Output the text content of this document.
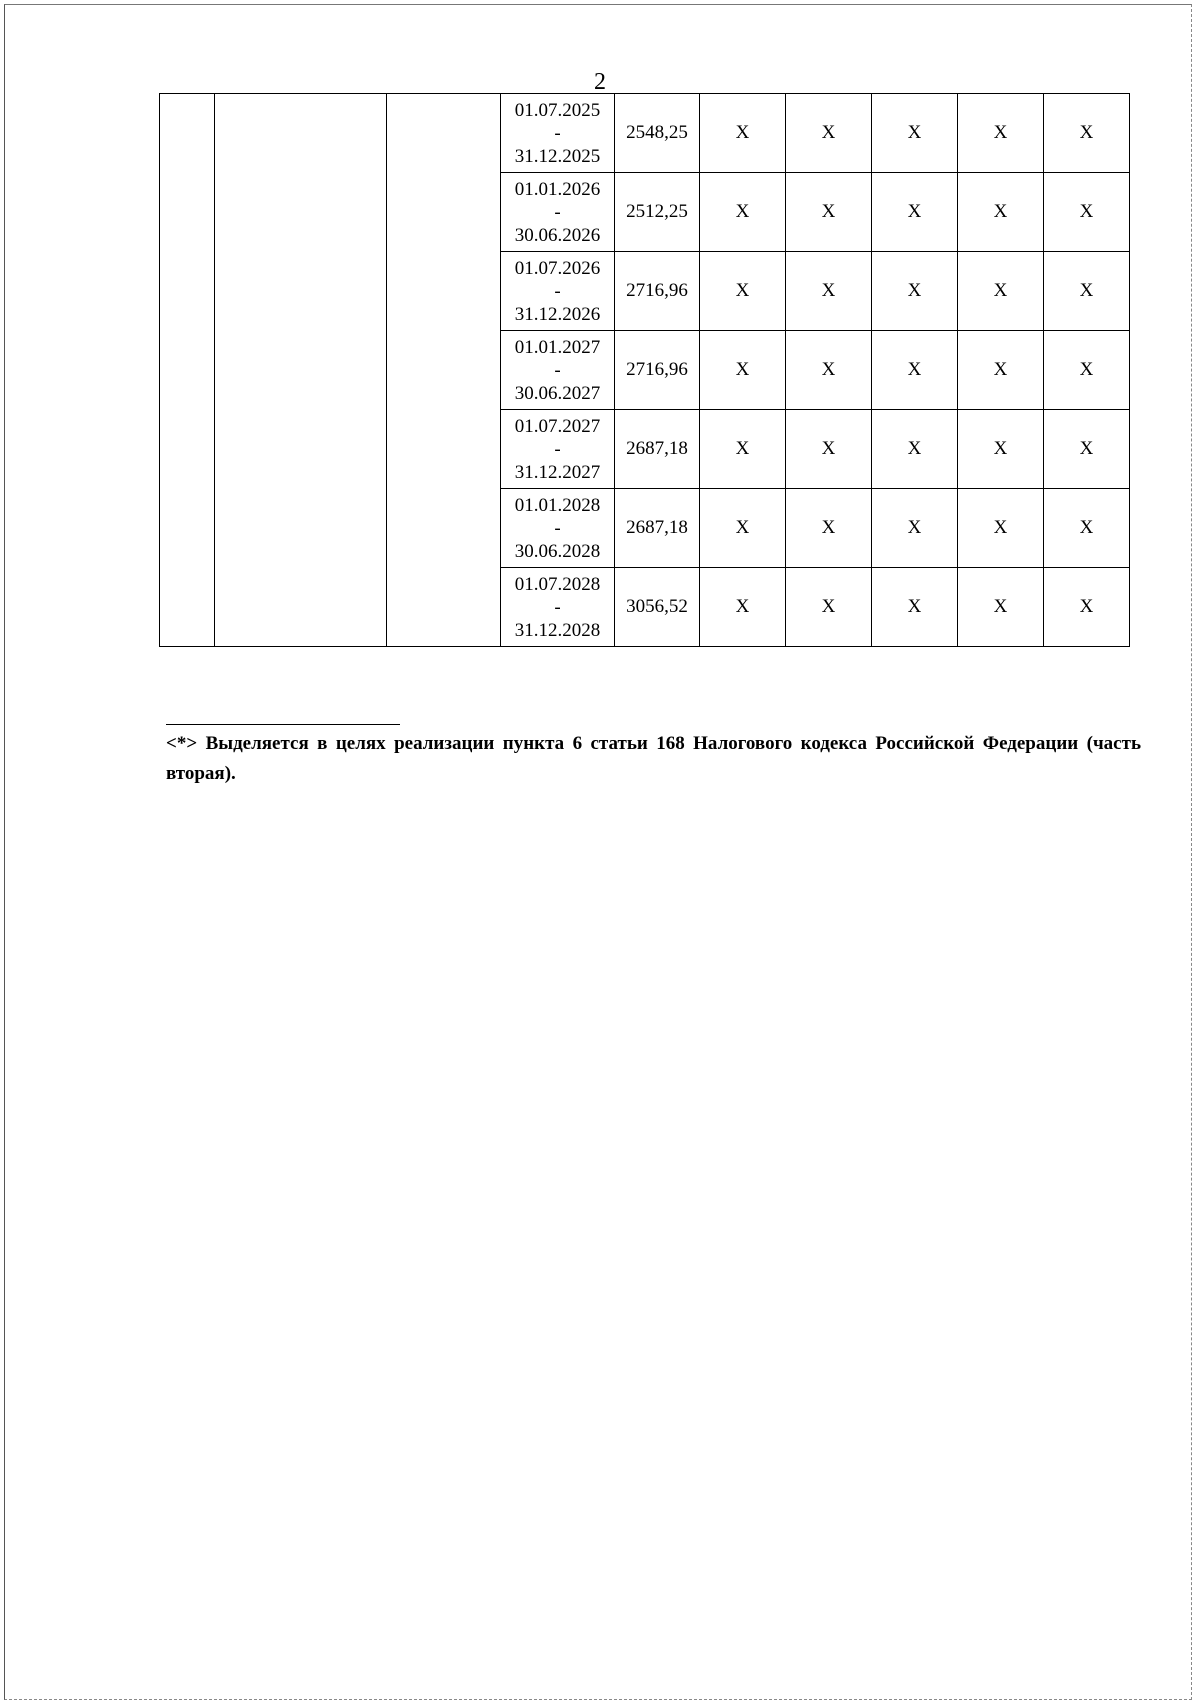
2

			01.07.2025
-
31.12.2025	2548,25	Х	Х	Х	Х	Х

			01.01.2026
-
30.06.2026	2512,25	Х	Х	Х	Х	Х

			01.07.2026
-
31.12.2026	2716,96	Х	Х	Х	Х	Х

			01.01.2027
-
30.06.2027	2716,96	Х	Х	Х	Х	Х

			01.07.2027
-
31.12.2027	2687,18	Х	Х	Х	Х	Х

			01.01.2028
-
30.06.2028	2687,18	Х	Х	Х	Х	Х

			01.07.2028
-
31.12.2028	3056,52	Х	Х	Х	Х	Х
<*> Выделяется в целях реализации пункта 6 статьи 168 Налогового кодекса Российской Федерации (часть вторая).
